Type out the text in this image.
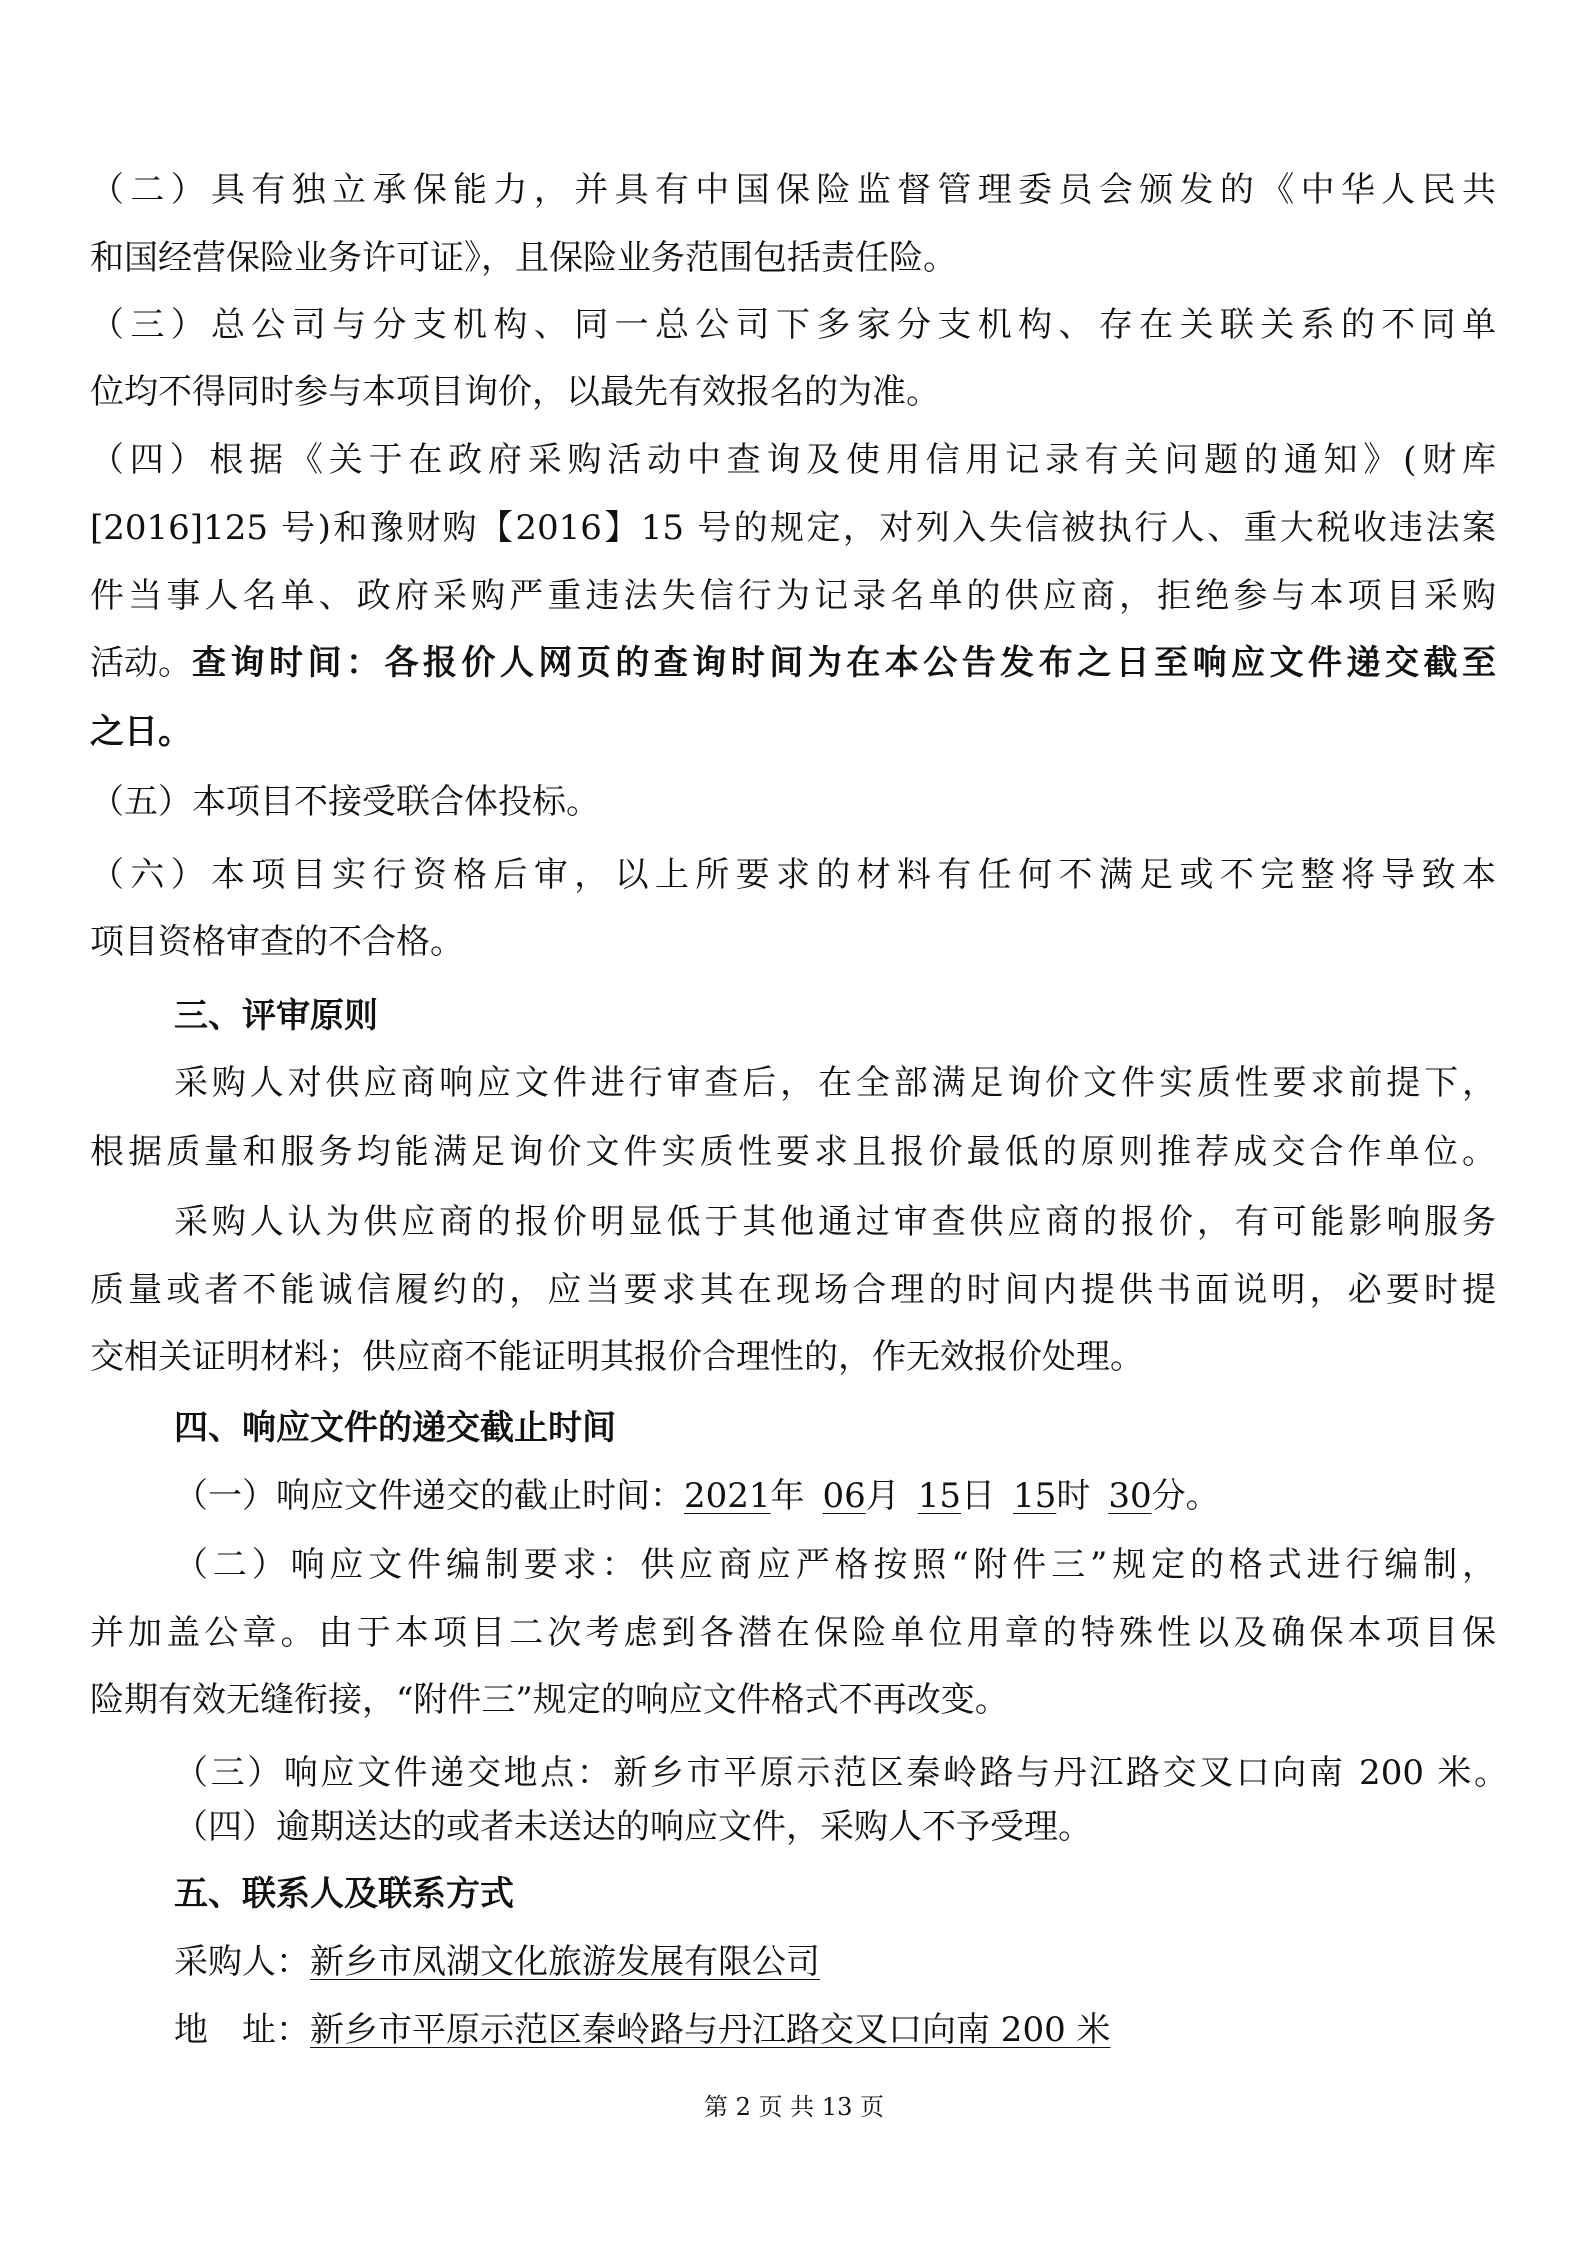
（二）具有独立承保能力，并具有中国保险监督管理委员会颁发的《中华人民共
和国经营保险业务许可证》，且保险业务范围包括责任险。
（三）总公司与分支机构、同一总公司下多家分支机构、存在关联关系的不同单
位均不得同时参与本项目询价，以最先有效报名的为准。
（四）根据《关于在政府采购活动中查询及使用信用记录有关问题的通知》(财库
[2016]125 号)和豫财购【2016】15 号的规定，对列入失信被执行人、重大税收违法案
件当事人名单、政府采购严重违法失信行为记录名单的供应商，拒绝参与本项目采购
活动。 查询时间：各报价人网页的查询时间为在本公告发布之日至响应文件递交截至
之日。
（五）本项目不接受联合体投标。
（六）本项目实行资格后审，以上所要求的材料有任何不满足或不完整将导致本
项目资格审查的不合格。
三、评审原则
采购人对供应商响应文件进行审查后，在全部满足询价文件实质性要求前提下，
根据质量和服务均能满足询价文件实质性要求且报价最低的原则推荐成交合作单位。
采购人认为供应商的报价明显低于其他通过审查供应商的报价，有可能影响服务
质量或者不能诚信履约的，应当要求其在现场合理的时间内提供书面说明，必要时提
交相关证明材料；供应商不能证明其报价合理性的，作无效报价处理。
四、响应文件的递交截止时间
（一）响应文件递交的截止时间：2021年 06月 15日 15时 30分。
（二）响应文件编制要求：供应商应严格按照“附件三”规定的格式进行编制，
并加盖公章。由于本项目二次考虑到各潜在保险单位用章的特殊性以及确保本项目保
险期有效无缝衔接，“附件三”规定的响应文件格式不再改变。
（三）响应文件递交地点：新乡市平原示范区秦岭路与丹江路交叉口向南 200 米。
（四）逾期送达的或者未送达的响应文件，采购人不予受理。
五、联系人及联系方式
采购人：新乡市凤湖文化旅游发展有限公司
地　址：新乡市平原示范区秦岭路与丹江路交叉口向南 200 米
第 2 页 共 13 页
